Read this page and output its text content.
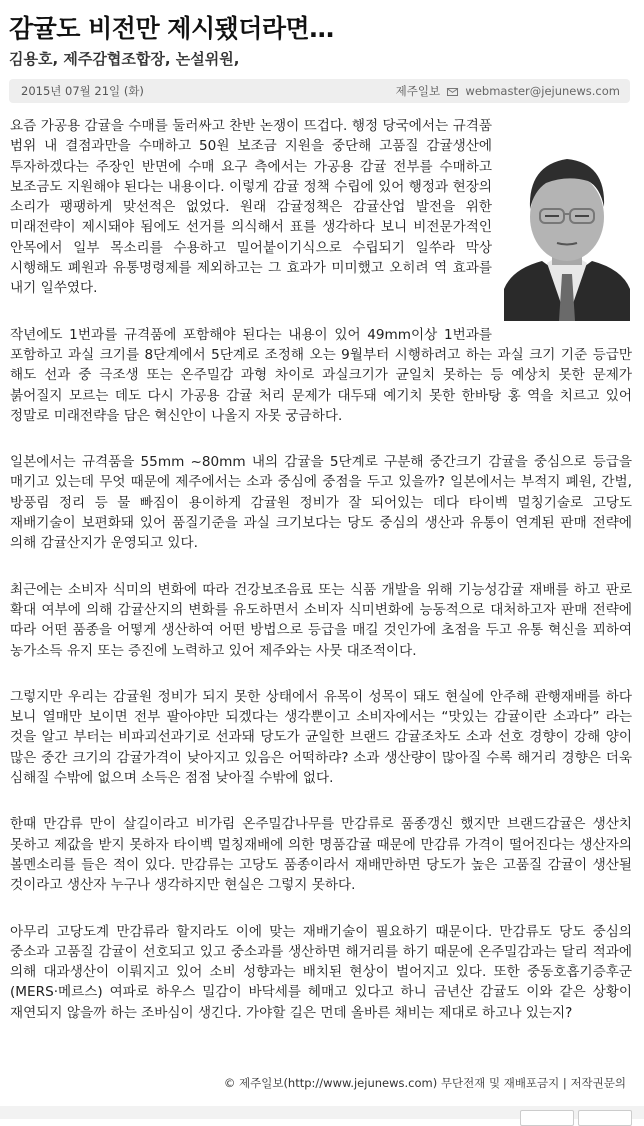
감귤도 비전만 제시됐더라면…
김용호, 제주감협조합장, 논설위원,
2015년 07월 21일 (화)	제주일보 webmaster@jejunews.com

요즘 가공용 감귤을 수매를 둘러싸고 찬반 논쟁이 뜨겁다. 행정 당국에서는 규격품 범위 내 결점과만을 수매하고 50원 보조금 지원을 중단해 고품질 감귤생산에 투자하겠다는 주장인 반면에 수매 요구 측에서는 가공용 감귤 전부를 수매하고 보조금도 지원해야 된다는 내용이다. 이렇게 감귤 정책 수립에 있어 행정과 현장의 소리가 팽팽하게 맞선적은 없었다. 원래 감귤정책은 감귤산업 발전을 위한 미래전략이 제시돼야 됨에도 선거를 의식해서 표를 생각하다 보니 비전문가적인 안목에서 일부 목소리를 수용하고 밀어붙이기식으로 수립되기 일쑤라 막상 시행해도 폐원과 유통명령제를 제외하고는 그 효과가 미미했고 오히려 역 효과를 내기 일쑤였다.

작년에도 1번과를 규격품에 포함해야 된다는 내용이 있어 49mm이상 1번과를 포함하고 과실 크기를 8단계에서 5단계로 조정해 오는 9월부터 시행하려고 하는 과실 크기 기준 등급만 해도 선과 중 극조생 또는 온주밀감 과형 차이로 과실크기가 균일치 못하는 등 예상치 못한 문제가 붉어질지 모르는 데도 다시 가공용 감귤 처리 문제가 대두돼 예기치 못한 한바탕 홍 역을 치르고 있어 정말로 미래전략을 담은 혁신안이 나올지 자못 궁금하다.

일본에서는 규격품을 55mm ~80mm 내의 감귤을 5단계로 구분해 중간크기 감귤을 중심으로 등급을 매기고 있는데 무엇 때문에 제주에서는 소과 중심에 중점을 두고 있을까? 일본에서는 부적지 폐원, 간벌, 방풍림 정리 등 물 빠짐이 용이하게 감귤원 정비가 잘 되어있는 데다 타이벡 멀칭기술로 고당도 재배기술이 보편화돼 있어 품질기준을 과실 크기보다는 당도 중심의 생산과 유통이 연계된 판매 전략에 의해 감귤산지가 운영되고 있다.

최근에는 소비자 식미의 변화에 따라 건강보조음료 또는 식품 개발을 위해 기능성감귤 재배를 하고 판로 확대 여부에 의해 감귤산지의 변화를 유도하면서 소비자 식미변화에 능동적으로 대처하고자 판매 전략에 따라 어떤 품종을 어떻게 생산하여 어떤 방법으로 등급을 매길 것인가에 초점을 두고 유통 혁신을 꾀하여 농가소득 유지 또는 증진에 노력하고 있어 제주와는 사뭇 대조적이다.

그렇지만 우리는 감귤원 정비가 되지 못한 상태에서 유목이 성목이 돼도 현실에 안주해 관행재배를 하다 보니 열매만 보이면 전부 팔아야만 되겠다는 생각뿐이고 소비자에서는 “맛있는 감귤이란 소과다” 라는 것을 알고 부터는 비파괴선과기로 선과돼 당도가 균일한 브랜드 감귤조차도 소과 선호 경향이 강해 양이 많은 중간 크기의 감귤가격이 낮아지고 있음은 어떡하랴? 소과 생산량이 많아질 수록 해거리 경향은 더욱 심해질 수밖에 없으며 소득은 점점 낮아질 수밖에 없다.

한때 만감류 만이 살길이라고 비가림 온주밀감나무를 만감류로 품종갱신 했지만 브랜드감귤은 생산치 못하고 제값을 받지 못하자 타이벡 멀칭재배에 의한 명품감귤 때문에 만감류 가격이 떨어진다는 생산자의 볼멘소리를 들은 적이 있다. 만감류는 고당도 품종이라서 재배만하면 당도가 높은 고품질 감귤이 생산될 것이라고 생산자 누구나 생각하지만 현실은 그렇지 못하다.

아무리 고당도계 만감류라 할지라도 이에 맞는 재배기술이 필요하기 때문이다. 만감류도 당도 중심의 중소과 고품질 감귤이 선호되고 있고 중소과를 생산하면 해거리를 하기 때문에 온주밀감과는 달리 적과에 의해 대과생산이 이뤄지고 있어 소비 성향과는 배치된 현상이 벌어지고 있다. 또한 중동호흡기증후군(MERS·메르스) 여파로 하우스 밀감이 바닥세를 헤매고 있다고 하니 금년산 감귤도 이와 같은 상황이 재연되지 않을까 하는 조바심이 생긴다. 가야할 길은 먼데 올바른 채비는 제대로 하고나 있는지?

© 제주일보(http://www.jejunews.com) 무단전재 및 재배포금지 | 저작권문의
